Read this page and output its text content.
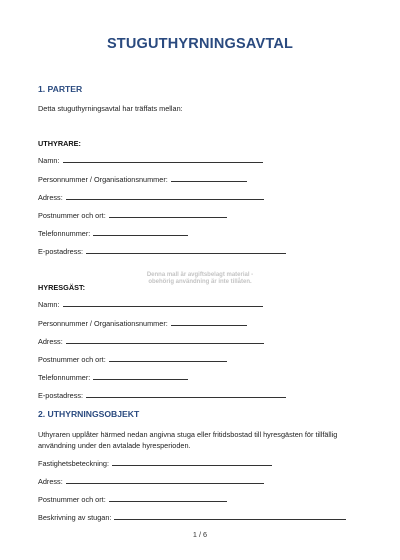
STUGUTHYRNINGSAVTAL
1. PARTER
Detta stuguthyrningsavtal har träffats mellan:
UTHYRARE:
Namn:
Personnummer / Organisationsnummer:
Adress:
Postnummer och ort:
Telefonnummer:
E-postadress:
Denna mall är avgiftsbelagt material -
obehörig användning är inte tillåten.
HYRESGÄST:
Namn:
Personnummer / Organisationsnummer:
Adress:
Postnummer och ort:
Telefonnummer:
E-postadress:
2. UTHYRNINGSOBJEKT
Uthyraren upplåter härmed nedan angivna stuga eller fritidsbostad till hyresgästen för tillfällig användning under den avtalade hyresperioden.
Fastighetsbeteckning:
Adress:
Postnummer och ort:
Beskrivning av stugan:
1 / 6
